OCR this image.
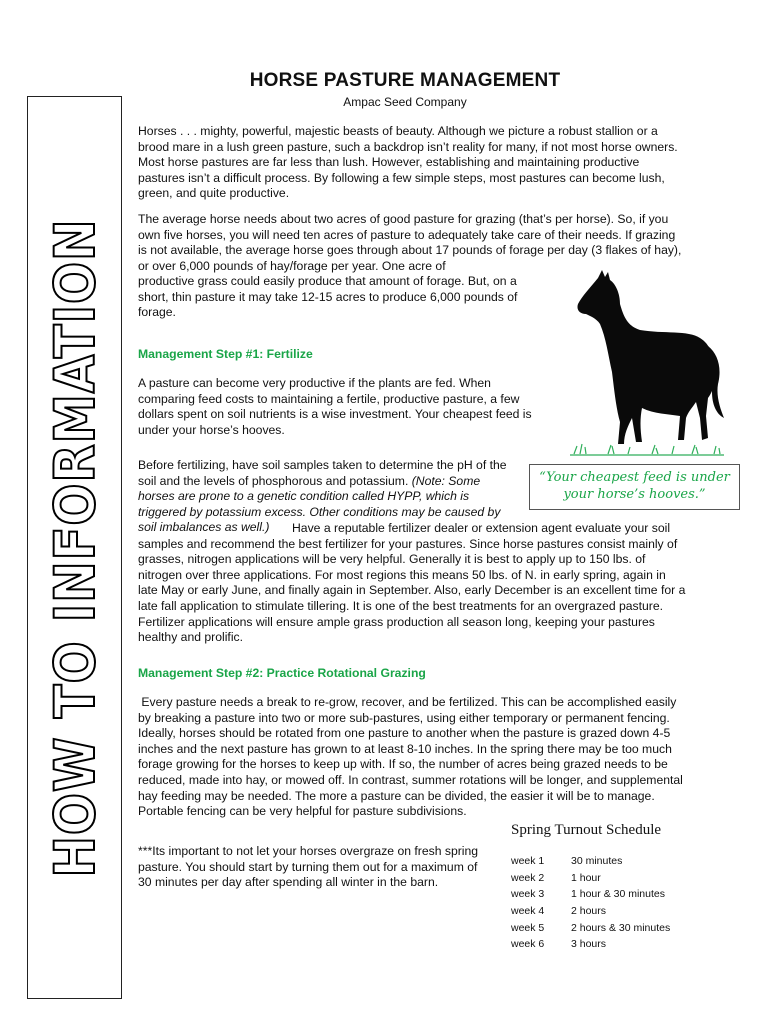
HOW TO INFORMATION
HORSE PASTURE MANAGEMENT
Ampac Seed Company
Horses . . . mighty, powerful, majestic beasts of beauty. Although we picture a robust stallion or a brood mare in a lush green pasture, such a backdrop isn’t reality for many, if not most horse owners. Most horse pastures are far less than lush. However, establishing and maintaining productive pastures isn’t a difficult process. By following a few simple steps, most pastures can become lush, green, and quite productive.
The average horse needs about two acres of good pasture for grazing (that’s per horse). So, if you own five horses, you will need ten acres of pasture to adequately take care of their needs. If grazing is not available, the average horse goes through about 17 pounds of forage per day (3 flakes of hay), or over 6,000 pounds of hay/forage per year. One acre of
productive grass could easily produce that amount of forage. But, on a short, thin pasture it may take 12-15 acres to produce 6,000 pounds of forage.
Management Step #1: Fertilize
A pasture can become very productive if the plants are fed. When comparing feed costs to maintaining a fertile, productive pasture, a few dollars spent on soil nutrients is a wise investment. Your cheapest feed is under your horse’s hooves.
Before fertilizing, have soil samples taken to determine the pH of the soil and the levels of phosphorous and potassium. (Note: Some horses are prone to a genetic condition called HYPP, which is triggered by potassium excess. Other conditions may be caused by soil imbalances as well.)	Have a reputable fertilizer dealer or extension agent evaluate your soil samples and recommend the best fertilizer for your pastures. Since horse pastures consist mainly of grasses, nitrogen applications will be very helpful. Generally it is best to apply up to 150 lbs. of nitrogen over three applications. For most regions this means 50 lbs. of N. in early spring, again in late May or early June, and finally again in September. Also, early December is an excellent time for a late fall application to stimulate tillering. It is one of the best treatments for an overgrazed pasture. Fertilizer applications will ensure ample grass production all season long, keeping your pastures healthy and prolific.
“Your cheapest feed is under your horse’s hooves.”
Management Step #2: Practice Rotational Grazing
Every pasture needs a break to re-grow, recover, and be fertilized. This can be accomplished easily by breaking a pasture into two or more sub-pastures, using either temporary or permanent fencing. Ideally, horses should be rotated from one pasture to another when the pasture is grazed down 4-5 inches and the next pasture has grown to at least 8-10 inches. In the spring there may be too much forage growing for the horses to keep up with. If so, the number of acres being grazed needs to be reduced, made into hay, or mowed off. In contrast, summer rotations will be longer, and supplemental hay feeding may be needed. The more a pasture can be divided, the easier it will be to manage. Portable fencing can be very helpful for pasture subdivisions.
***Its important to not let your horses overgraze on fresh spring pasture. You should start by turning them out for a maximum of 30 minutes per day after spending all winter in the barn.
Spring Turnout Schedule
week 1	30 minutes
week 2	1 hour
week 3	1 hour & 30 minutes
week 4	2 hours
week 5	2 hours & 30 minutes
week 6	3 hours
